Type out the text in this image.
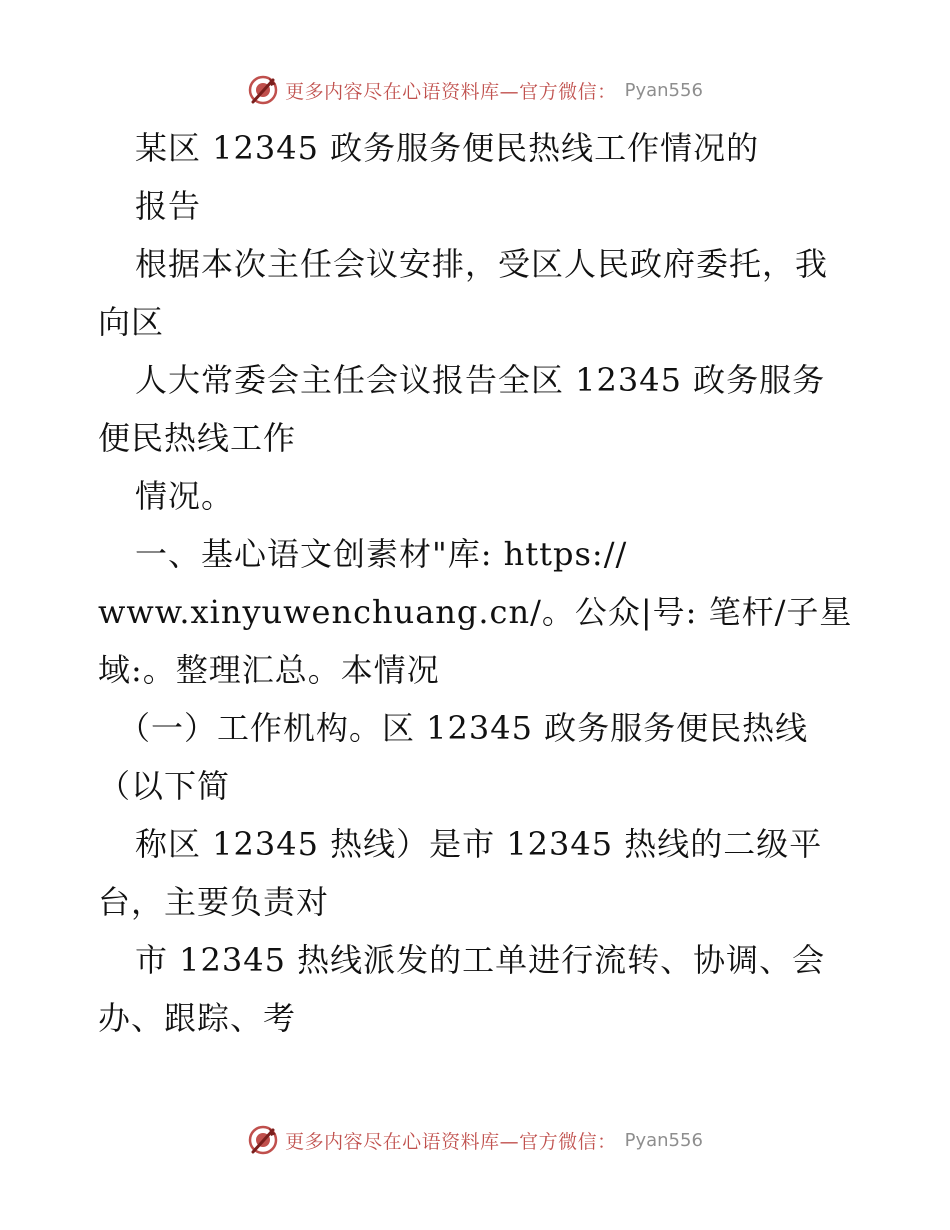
更多内容尽在心语资料库—官方微信： Pyan556
某区 12345 政务服务便民热线工作情况的
报告
根据本次主任会议安排，受区人民政府委托，我
向区
人大常委会主任会议报告全区 12345 政务服务
便民热线工作
情况。
一、基心语文创素材"库: https://
www.xinyuwenchuang.cn/。公众|号: 笔杆/子星
域:。整理汇总。本情况
（一）工作机构。区 12345 政务服务便民热线
（以下简
称区 12345 热线）是市 12345 热线的二级平
台，主要负责对
市 12345 热线派发的工单进行流转、协调、会
办、跟踪、考
更多内容尽在心语资料库—官方微信： Pyan556
